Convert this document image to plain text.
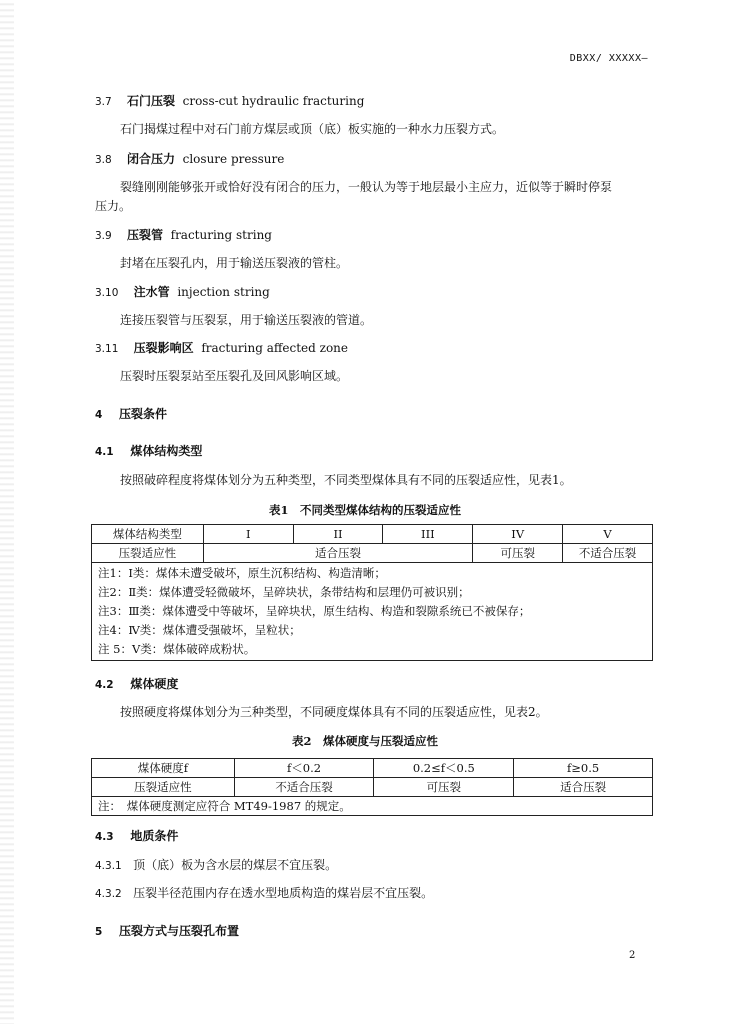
DBXX/ XXXXX—
3.7 石门压裂 cross-cut hydraulic fracturing
石门揭煤过程中对石门前方煤层或顶（底）板实施的一种水力压裂方式。
3.8 闭合压力 closure pressure
裂缝刚刚能够张开或恰好没有闭合的压力，一般认为等于地层最小主应力，近似等于瞬时停泵
压力。
3.9 压裂管 fracturing string
封堵在压裂孔内，用于输送压裂液的管柱。
3.10 注水管 injection string
连接压裂管与压裂泵，用于输送压裂液的管道。
3.11 压裂影响区 fracturing affected zone
压裂时压裂泵站至压裂孔及回风影响区域。
4 压裂条件
4.1 煤体结构类型
按照破碎程度将煤体划分为五种类型，不同类型煤体具有不同的压裂适应性，见表1。
表1　不同类型煤体结构的压裂适应性
煤体结构类型	I	II	III	IV	V
压裂适应性	适合压裂			可压裂	不适合压裂

注1：Ⅰ类：煤体未遭受破坏，原生沉积结构、构造清晰；
注2：Ⅱ类：煤体遭受轻微破坏，呈碎块状，条带结构和层理仍可被识别；
注3：Ⅲ类：煤体遭受中等破坏，呈碎块状，原生结构、构造和裂隙系统已不被保存；
注4：Ⅳ类：煤体遭受强破坏，呈粒状；
注 5：Ⅴ类：煤体破碎成粉状。					
4.2 煤体硬度
按照硬度将煤体划分为三种类型，不同硬度煤体具有不同的压裂适应性，见表2。
表2　煤体硬度与压裂适应性
煤体硬度f	f＜0.2	0.2≤f＜0.5	f≥0.5
压裂适应性	不适合压裂	可压裂	适合压裂
注：　煤体硬度测定应符合 MT49-1987 的规定。			
4.3 地质条件
4.3.1 顶（底）板为含水层的煤层不宜压裂。
4.3.2 压裂半径范围内存在透水型地质构造的煤岩层不宜压裂。
5 压裂方式与压裂孔布置
2
